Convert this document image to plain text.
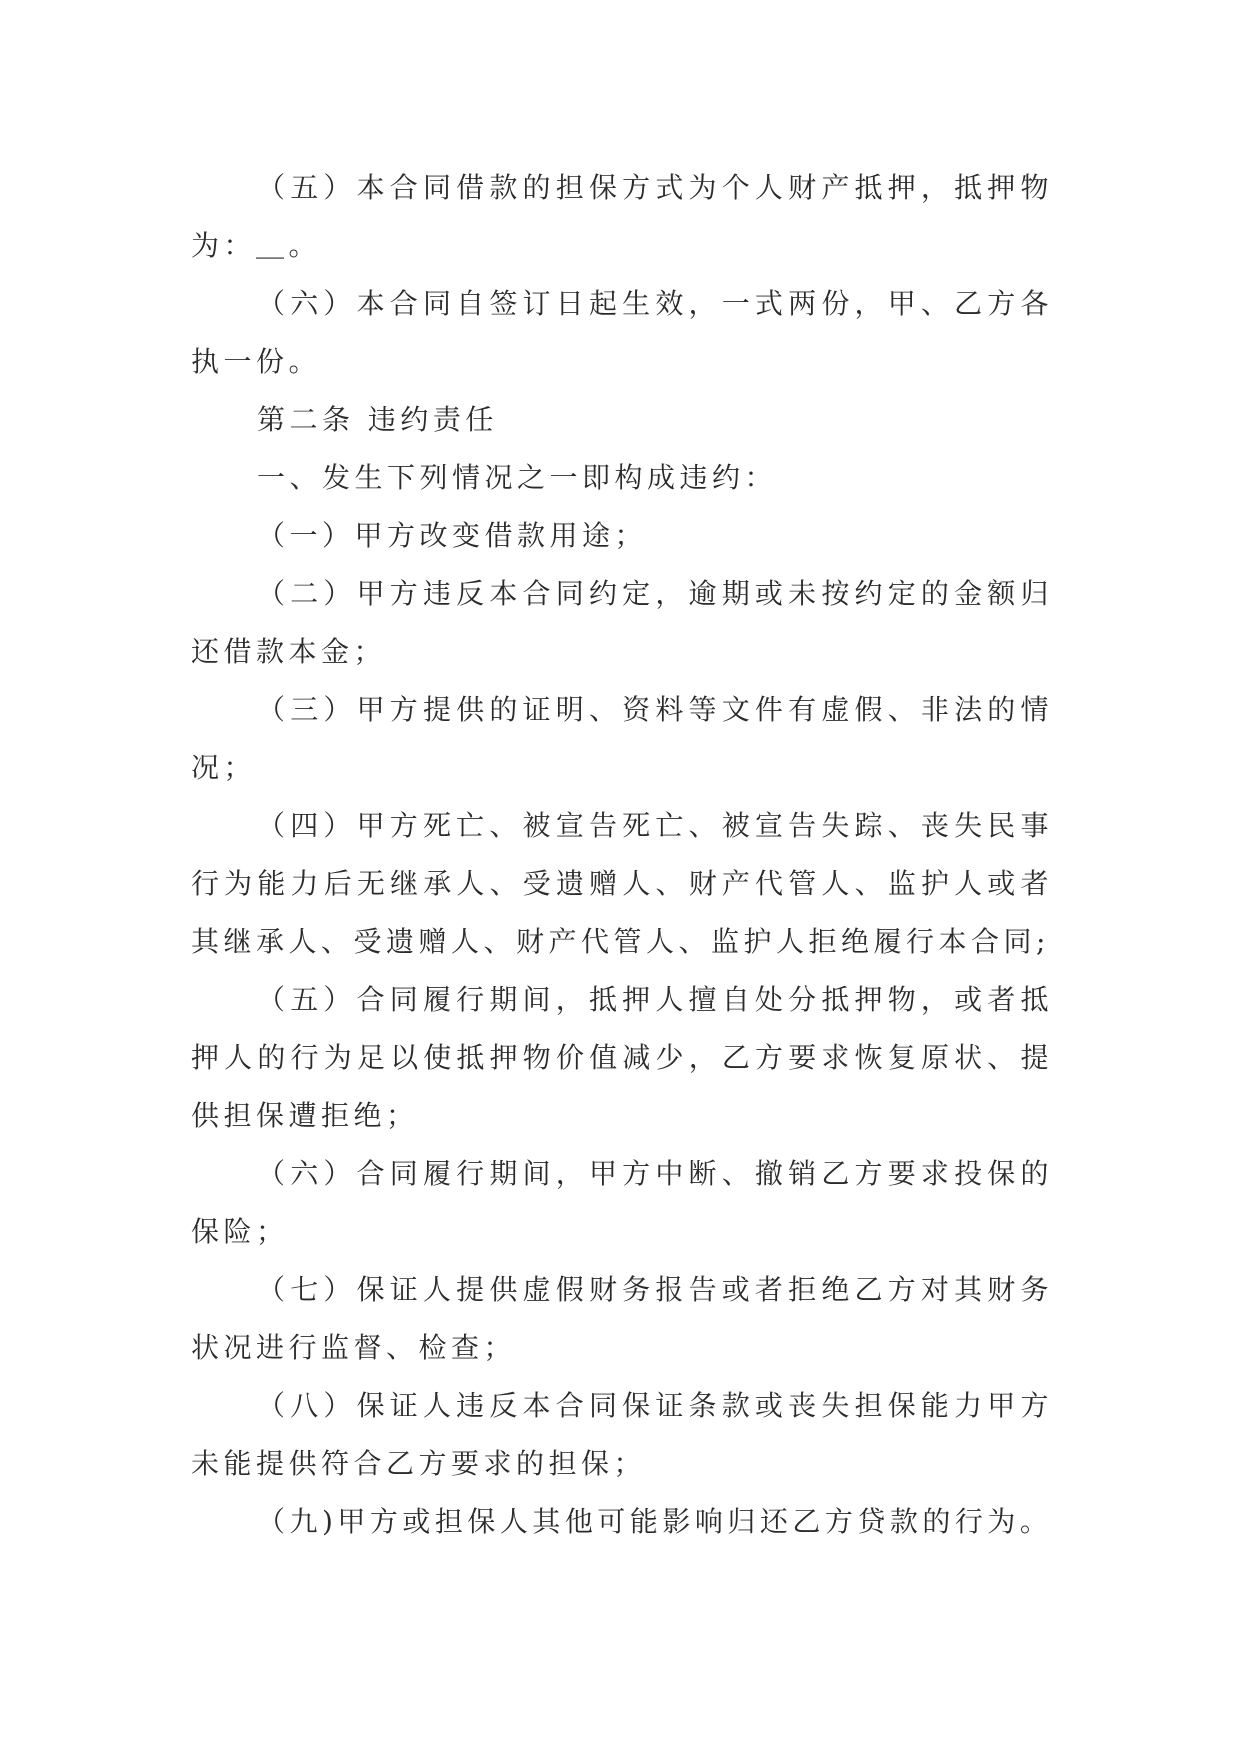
（五）本合同借款的担保方式为个人财产抵押，抵押物为：＿。

（六）本合同自签订日起生效，一式两份，甲、乙方各执一份。

第二条 违约责任

一、发生下列情况之一即构成违约：

（一）甲方改变借款用途；

（二）甲方违反本合同约定，逾期或未按约定的金额归还借款本金；

（三）甲方提供的证明、资料等文件有虚假、非法的情况；

（四）甲方死亡、被宣告死亡、被宣告失踪、丧失民事行为能力后无继承人、受遗赠人、财产代管人、监护人或者其继承人、受遗赠人、财产代管人、监护人拒绝履行本合同;

（五）合同履行期间，抵押人擅自处分抵押物，或者抵押人的行为足以使抵押物价值减少，乙方要求恢复原状、提供担保遭拒绝；

（六）合同履行期间，甲方中断、撤销乙方要求投保的保险；

（七）保证人提供虚假财务报告或者拒绝乙方对其财务状况进行监督、检查；

（八）保证人违反本合同保证条款或丧失担保能力甲方未能提供符合乙方要求的担保；

（九)甲方或担保人其他可能影响归还乙方贷款的行为。
